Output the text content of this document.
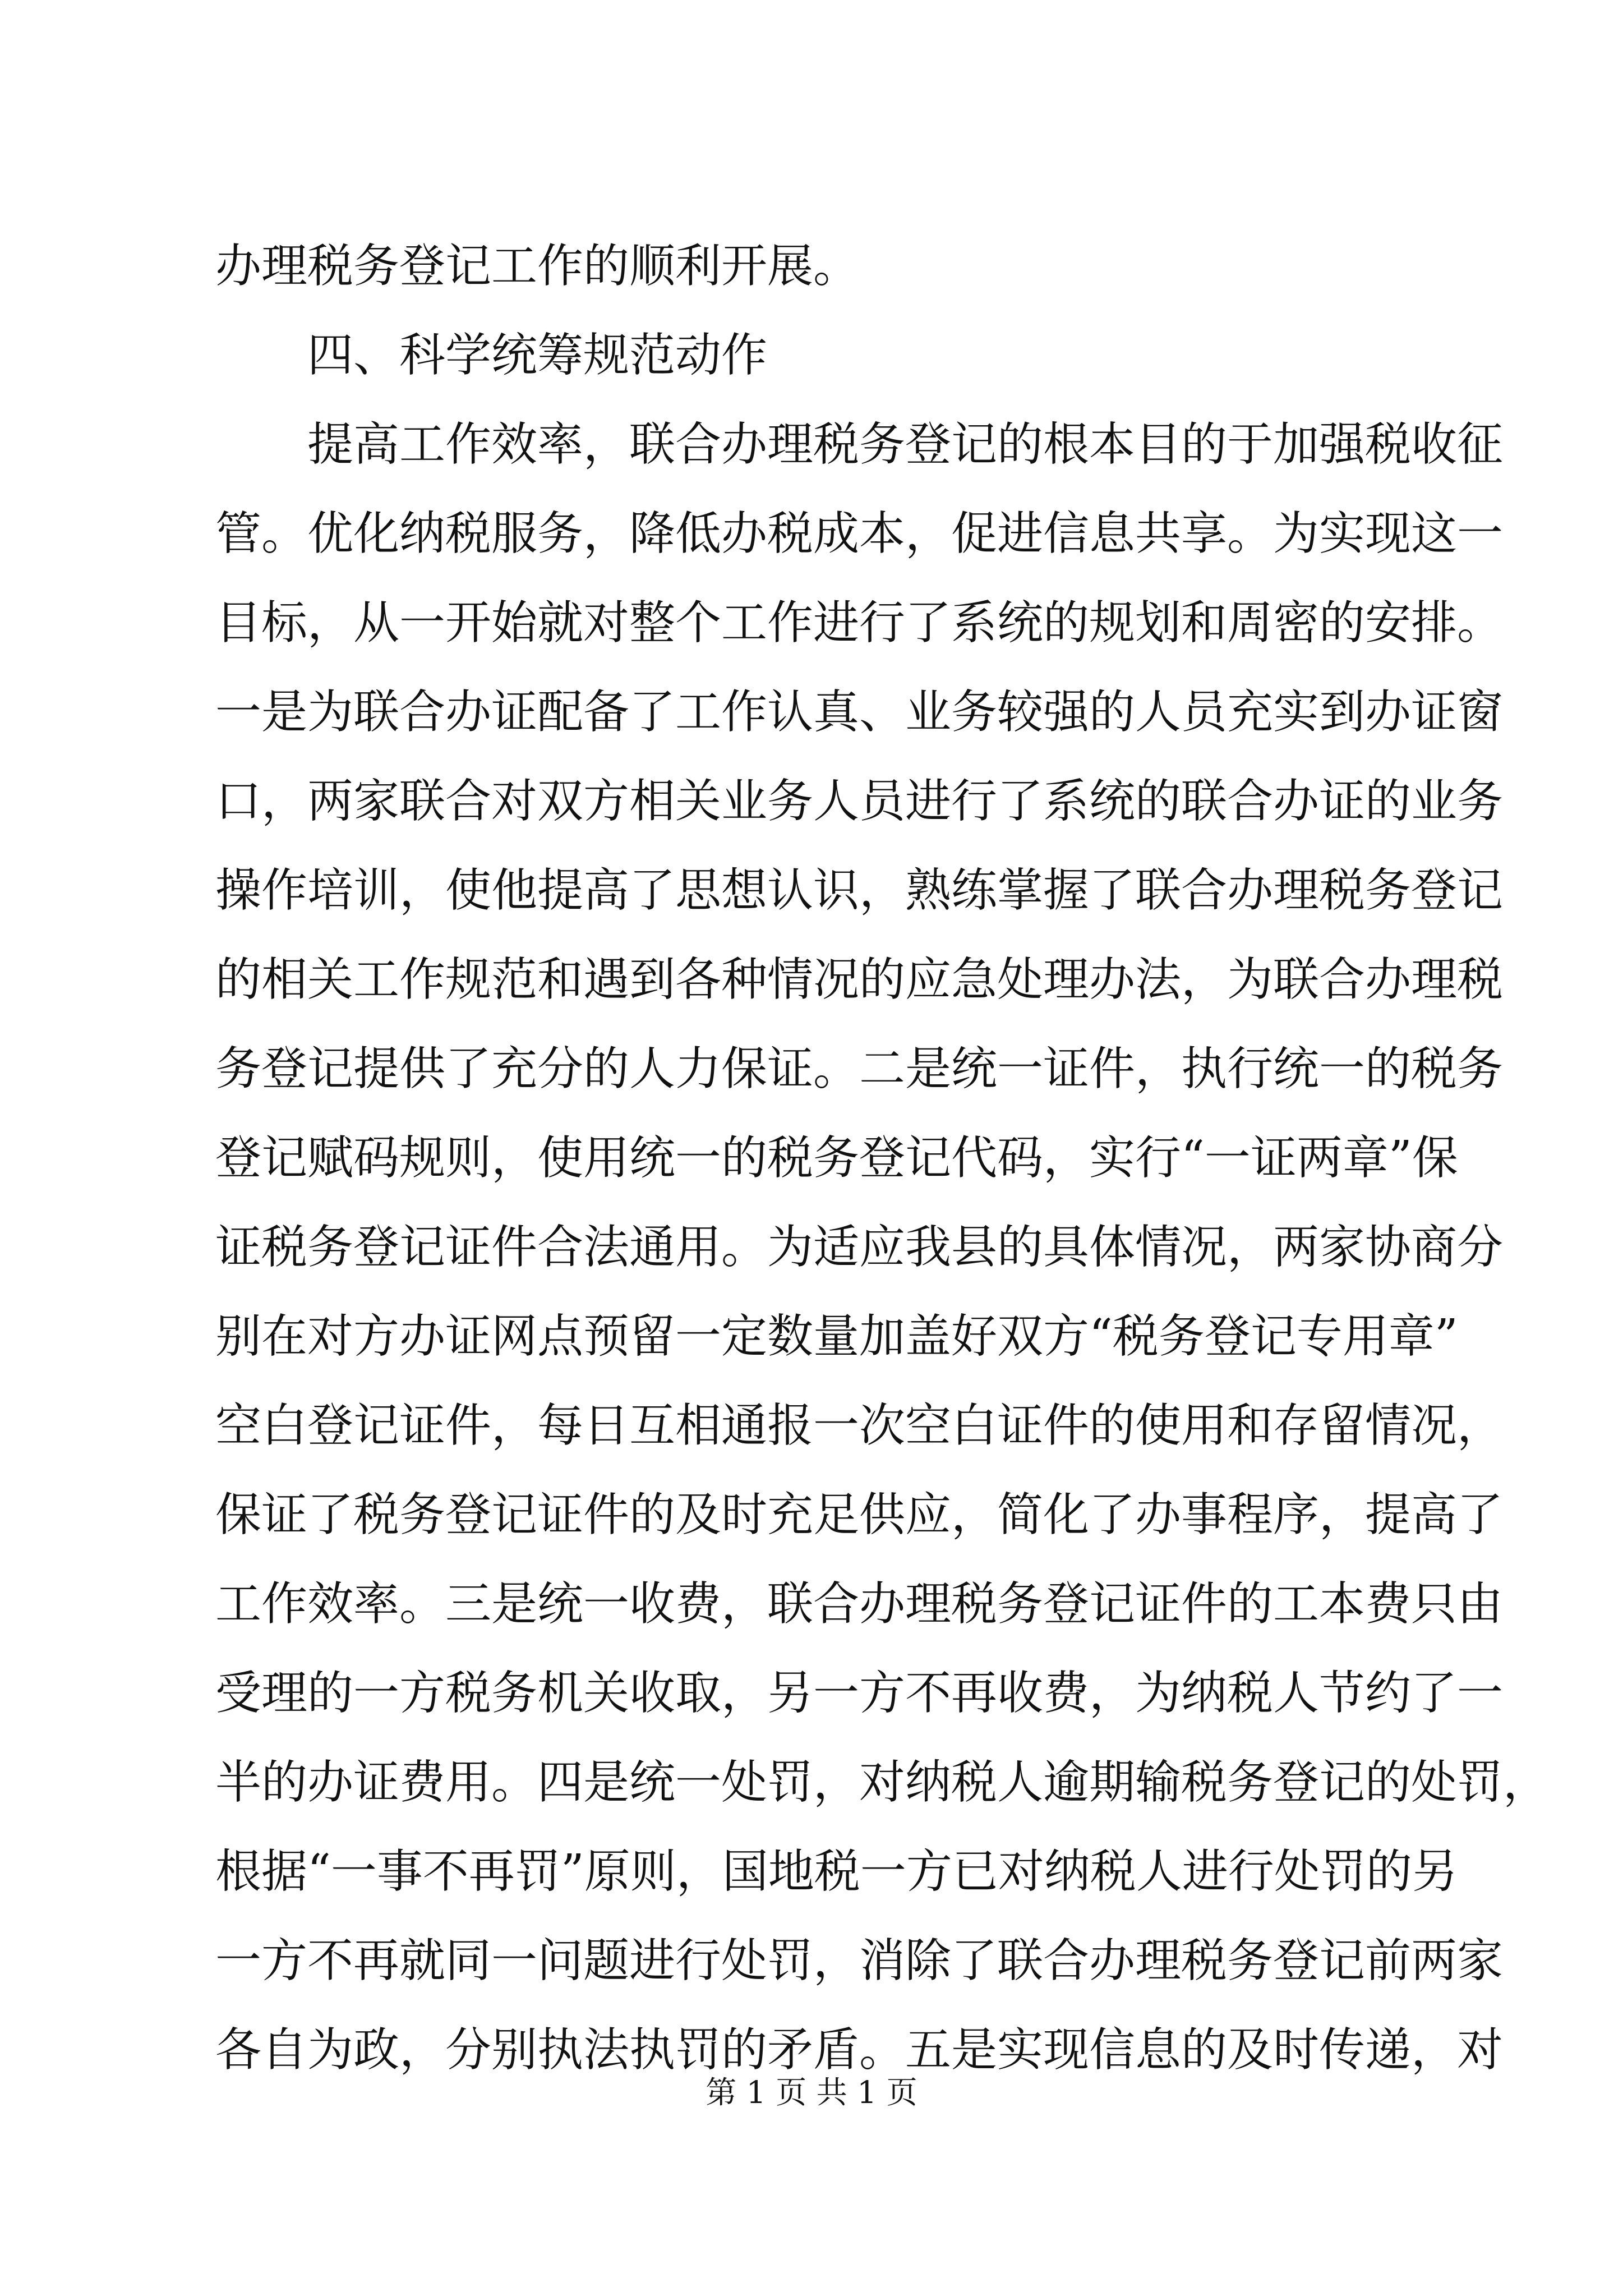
办理税务登记工作的顺利开展。
四、科学统筹规范动作
提高工作效率，联合办理税务登记的根本目的于加强税收征
管。优化纳税服务，降低办税成本，促进信息共享。为实现这一
目标，从一开始就对整个工作进行了系统的规划和周密的安排。
一是为联合办证配备了工作认真、业务较强的人员充实到办证窗
口，两家联合对双方相关业务人员进行了系统的联合办证的业务
操作培训，使他提高了思想认识，熟练掌握了联合办理税务登记
的相关工作规范和遇到各种情况的应急处理办法，为联合办理税
务登记提供了充分的人力保证。二是统一证件，执行统一的税务
登记赋码规则，使用统一的税务登记代码，实行“一证两章”保
证税务登记证件合法通用。为适应我县的具体情况，两家协商分
别在对方办证网点预留一定数量加盖好双方“税务登记专用章”
空白登记证件，每日互相通报一次空白证件的使用和存留情况，
保证了税务登记证件的及时充足供应，简化了办事程序，提高了
工作效率。三是统一收费，联合办理税务登记证件的工本费只由
受理的一方税务机关收取，另一方不再收费，为纳税人节约了一
半的办证费用。四是统一处罚，对纳税人逾期输税务登记的处罚，
根据“一事不再罚”原则，国地税一方已对纳税人进行处罚的另
一方不再就同一问题进行处罚，消除了联合办理税务登记前两家
各自为政，分别执法执罚的矛盾。五是实现信息的及时传递，对
第 1 页 共 1 页
